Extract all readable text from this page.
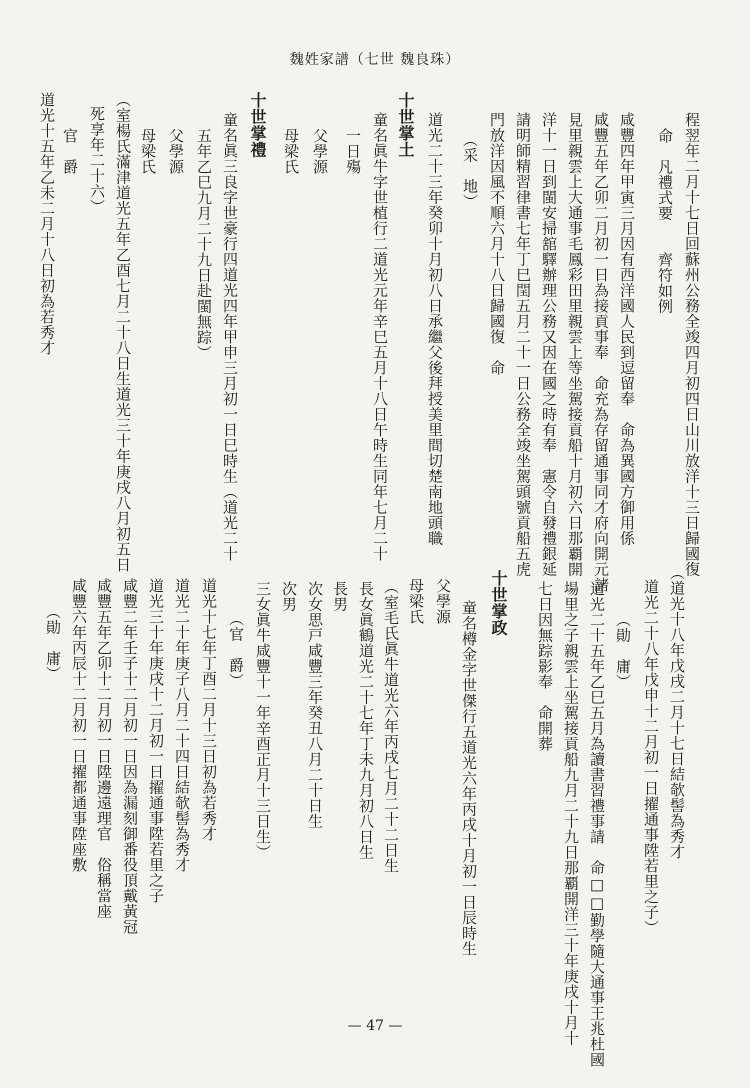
魏姓家譜（七世 魏良珠）
程翌年二月十七日回蘇州公務全竣四月初四日山川放洋十三日歸國復
命　凡禮式要　　齊符如例
咸豐四年甲寅三月因有西洋國人民到逗留奉　命為異國方御用係
咸豐五年乙卯二月初一日為接貢事奉　命充為存留通事同才府向開元諸
見里親雲上大通事毛鳳彩田里親雲上等坐駕接貢船十月初六日那覇開
洋十一日到閩安掃舘驛辦理公務又因在國之時有奉　憲令自發禮銀延
請明師精習律書七年丁巳閏五月二十一日公務全竣坐駕頭號貢船五虎
門放洋因風不順六月十八日歸國復　命
（采　地）
道光二十三年癸卯十月初八日承繼父後拜授美里間切楚南地頭職
十世掌土
童名眞牛字世植行二道光元年辛巳五月十八日午時生同年七月二十
一日殤
父學源
母梁氏
十世掌禮
童名眞三良字世豪行四道光四年甲申三月初一日巳時生（道光二十
五年乙巳九月二十九日赴閩無踪）
父學源
母梁氏
（室楊氏滿津道光五年乙酉七月二十八日生道光三十年庚戌八月初五日
死享年二十六）
官　爵
道光十五年乙未二月十八日初為若秀才
（道光十八年戊戌二月十七日結欹髻為秀才
道光二十八年戊申十二月初一日擢通事陞若里之子）
（勛　庸）
道光二十五年乙巳五月為讀書習禮事請　命□□勤學隨大通事王兆杜國
場里之子親雲上坐駕接貢船九月二十九日那覇開洋三十年庚戌十月十
七日因無踪影奉　命開葬
十世掌政
童名樽金字世傑行五道光六年丙戌十月初一日辰時生
父學源
母梁氏
（室毛氏眞牛道光六年丙戌七月二十二日生
長女眞鶴道光二十七年丁未九月初八日生
長男
次女思戸咸豐三年癸丑八月二十日生
次男
三女眞牛咸豐十一年辛酉正月十三日生）
（官　爵）
道光十七年丁酉二月十三日初為若秀才
道光二十年庚子八月二十四日結欹髻為秀才
道光三十年庚戌十二月初一日擢通事陞若里之子
咸豐二年壬子十二月初一日因為漏刻御番役頂戴黃冠
咸豐五年乙卯十二月初一日陞邊遠理官　俗稱當座
咸豐六年丙辰十二月初一日擢都通事陞座敷
（勛　庸）
— 47 —
